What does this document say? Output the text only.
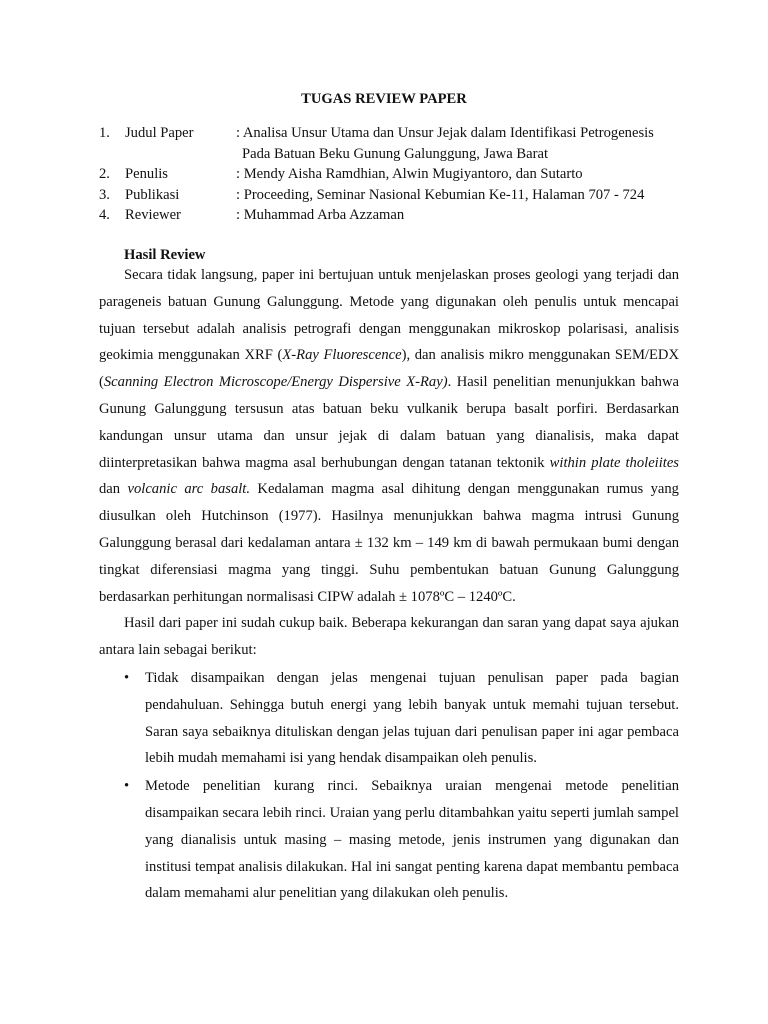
TUGAS REVIEW PAPER
1. Judul Paper	: Analisa Unsur Utama dan Unsur Jejak dalam Identifikasi Petrogenesis
Pada Batuan Beku Gunung Galunggung, Jawa Barat
2. Penulis	: Mendy Aisha Ramdhian, Alwin Mugiyantoro, dan Sutarto
3. Publikasi	: Proceeding, Seminar Nasional Kebumian Ke-11, Halaman 707 - 724
4. Reviewer	: Muhammad Arba Azzaman
Hasil Review

Secara tidak langsung, paper ini bertujuan untuk menjelaskan proses geologi yang terjadi dan parageneis batuan Gunung Galunggung. Metode yang digunakan oleh penulis untuk mencapai tujuan tersebut adalah analisis petrografi dengan menggunakan mikroskop polarisasi, analisis geokimia menggunakan XRF (X-Ray Fluorescence), dan analisis mikro menggunakan SEM/EDX (Scanning Electron Microscope/Energy Dispersive X-Ray). Hasil penelitian menunjukkan bahwa Gunung Galunggung tersusun atas batuan beku vulkanik berupa basalt porfiri. Berdasarkan kandungan unsur utama dan unsur jejak di dalam batuan yang dianalisis, maka dapat diinterpretasikan bahwa magma asal berhubungan dengan tatanan tektonik within plate tholeiites dan volcanic arc basalt. Kedalaman magma asal dihitung dengan menggunakan rumus yang diusulkan oleh Hutchinson (1977). Hasilnya menunjukkan bahwa magma intrusi Gunung Galunggung berasal dari kedalaman antara ± 132 km – 149 km di bawah permukaan bumi dengan tingkat diferensiasi magma yang tinggi. Suhu pembentukan batuan Gunung Galunggung berdasarkan perhitungan normalisasi CIPW adalah ± 1078ºC – 1240ºC.

Hasil dari paper ini sudah cukup baik. Beberapa kekurangan dan saran yang dapat saya ajukan antara lain sebagai berikut:

• Tidak disampaikan dengan jelas mengenai tujuan penulisan paper pada bagian pendahuluan. Sehingga butuh energi yang lebih banyak untuk memahi tujuan tersebut. Saran saya sebaiknya dituliskan dengan jelas tujuan dari penulisan paper ini agar pembaca lebih mudah memahami isi yang hendak disampaikan oleh penulis.
• Metode penelitian kurang rinci. Sebaiknya uraian mengenai metode penelitian disampaikan secara lebih rinci. Uraian yang perlu ditambahkan yaitu seperti jumlah sampel yang dianalisis untuk masing – masing metode, jenis instrumen yang digunakan dan institusi tempat analisis dilakukan. Hal ini sangat penting karena dapat membantu pembaca dalam memahami alur penelitian yang dilakukan oleh penulis.
